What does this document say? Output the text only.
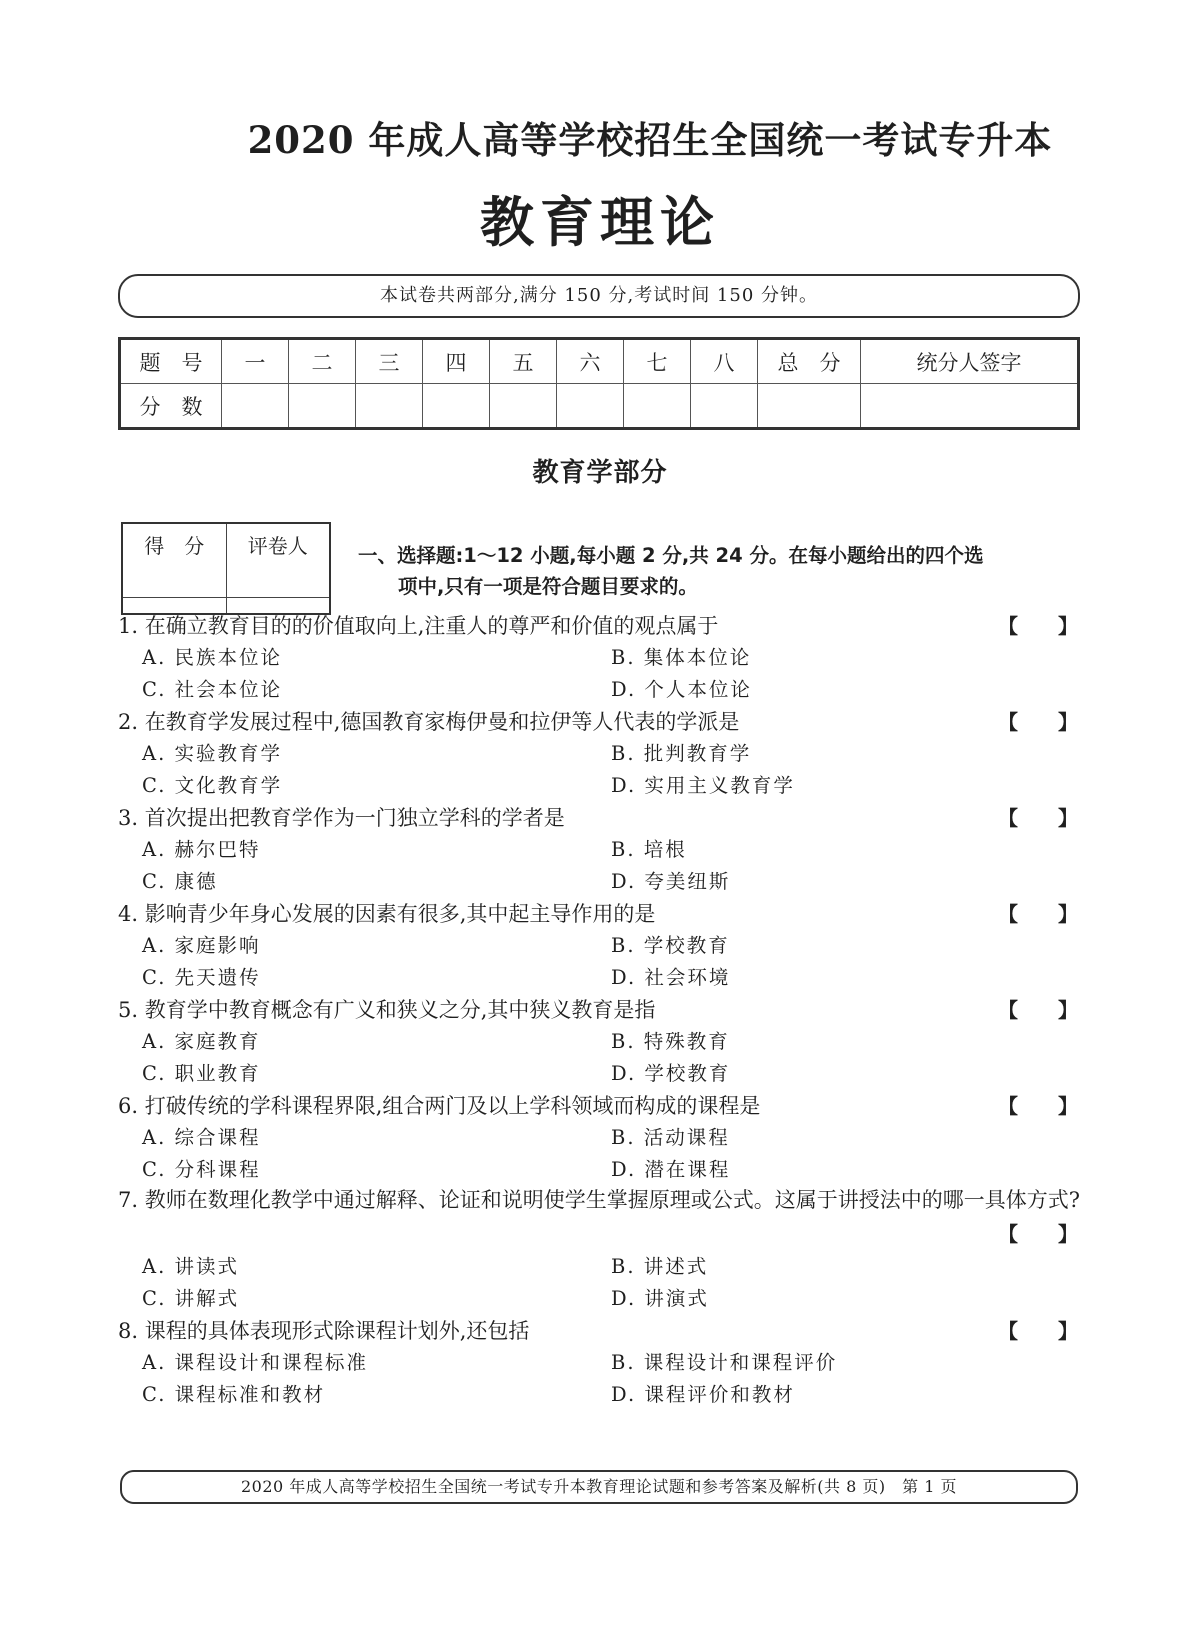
2020 年成人高等学校招生全国统一考试专升本
教育理论
本试卷共两部分,满分 150 分,考试时间 150 分钟。
题　号	一	二	三	四	五	六	七	八	总　分	统分人签字
分　数										
教育学部分
得　分	评卷人
		一、选择题:1～12 小题,每小题 2 分,共 24 分。在每小题给出的四个选
项中,只有一项是符合题目要求的。
1. 在确立教育目的的价值取向上,注重人的尊严和价值的观点属于	【　　】
A. 民族本位论	B. 集体本位论
C. 社会本位论	D. 个人本位论
2. 在教育学发展过程中,德国教育家梅伊曼和拉伊等人代表的学派是	【　　】
A. 实验教育学	B. 批判教育学
C. 文化教育学	D. 实用主义教育学
3. 首次提出把教育学作为一门独立学科的学者是	【　　】
A. 赫尔巴特	B. 培根
C. 康德	D. 夸美纽斯
4. 影响青少年身心发展的因素有很多,其中起主导作用的是	【　　】
A. 家庭影响	B. 学校教育
C. 先天遗传	D. 社会环境
5. 教育学中教育概念有广义和狭义之分,其中狭义教育是指	【　　】
A. 家庭教育	B. 特殊教育
C. 职业教育	D. 学校教育
6. 打破传统的学科课程界限,组合两门及以上学科领域而构成的课程是	【　　】
A. 综合课程	B. 活动课程
C. 分科课程	D. 潜在课程
7. 教师在数理化教学中通过解释、论证和说明使学生掌握原理或公式。这属于讲授法中的哪一具体方式?
【　　】
A. 讲读式	B. 讲述式
C. 讲解式	D. 讲演式
8. 课程的具体表现形式除课程计划外,还包括	【　　】
A. 课程设计和课程标准	B. 课程设计和课程评价
C. 课程标准和教材	D. 课程评价和教材
2020 年成人高等学校招生全国统一考试专升本教育理论试题和参考答案及解析(共 8 页)　第 1 页
